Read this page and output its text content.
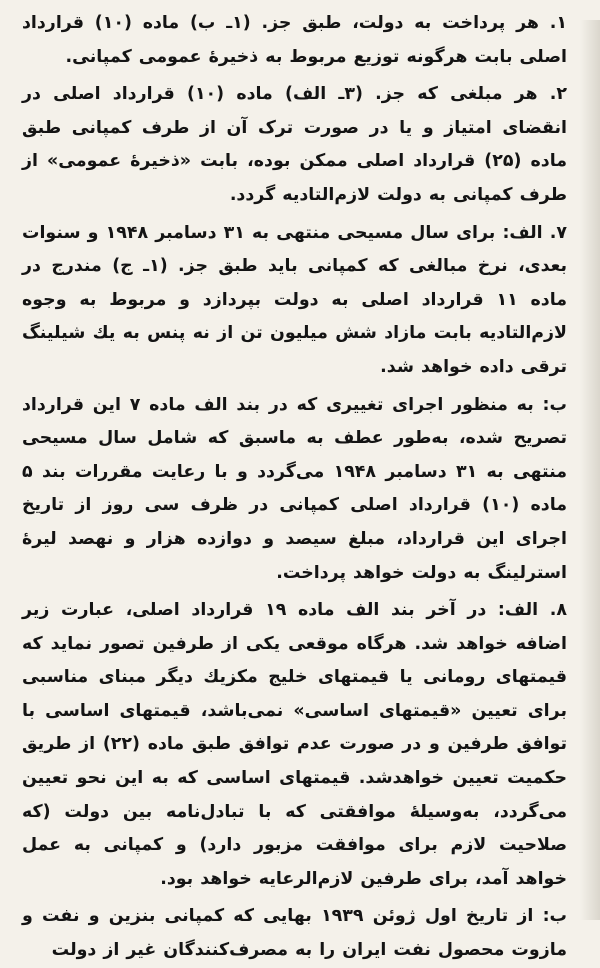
۱. هر پرداخت به دولت، طبق جز. (۱ـ ب) ماده (۱۰) قرارداد اصلی بابت هرگونه توزیع مربوط به ذخیرهٔ عمومی کمپانی.

۲. هر مبلغی که جز. (۳ـ الف) ماده (۱۰) قرارداد اصلی در انقضای امتیاز و یا در صورت ترک آن از طرف کمپانی طبق ماده (۲۵) قرارداد اصلی ممکن بوده، بابت «ذخیرهٔ عمومی» از طرف کمپانی به دولت لازم‌التادیه گردد.

۷. الف: برای سال مسیحی منتهی به ۳۱ دسامبر ۱۹۴۸ و سنوات بعدی، نرخ مبالغی که کمپانی باید طبق جز. (۱ـ ج) مندرج در ماده ۱۱ قرارداد اصلی به دولت بپردازد و مربوط به وجوه لازم‌التادیه بابت مازاد شش میلیون تن از نه پنس به یك شیلینگ ترقی داده خواهد شد.

ب: به منظور اجرای تغییری که در بند الف ماده ۷ این قرارداد تصریح شده، به‌طور عطف به ماسبق که شامل سال مسیحی منتهی به ۳۱ دسامبر ۱۹۴۸ می‌گردد و با رعایت مقررات بند ۵ ماده (۱۰) قرارداد اصلی کمپانی در ظرف سی روز از تاریخ اجرای این قرارداد، مبلغ سیصد و دوازده هزار و نهصد لیرهٔ استرلینگ به دولت خواهد پرداخت.

۸. الف: در آخر بند الف ماده ۱۹ قرارداد اصلی، عبارت زیر اضافه خواهد شد. هرگاه موقعی یکی از طرفین تصور نماید که قیمتهای رومانی یا قیمتهای خلیج مکزیك دیگر مبنای مناسبی برای تعیین «قیمتهای اساسی» نمی‌باشد، قیمتهای اساسی با توافق طرفین و در صورت عدم توافق طبق ماده (۲۲) از طریق حکمیت تعیین خواهدشد. قیمتهای اساسی که به این نحو تعیین می‌گردد، به‌وسیلهٔ موافقتی که با تبادل‌نامه بین دولت (که صلاحیت لازم برای موافقت مزبور دارد) و کمپانی به عمل خواهد آمد، برای طرفین لازم‌الرعایه خواهد بود.

ب: از تاریخ اول ژوئن ۱۹۳۹ بهایی که کمپانی بنزین و نفت و مازوت محصول نفت ایران را به مصرف‌کنندگان غیر از دولت
